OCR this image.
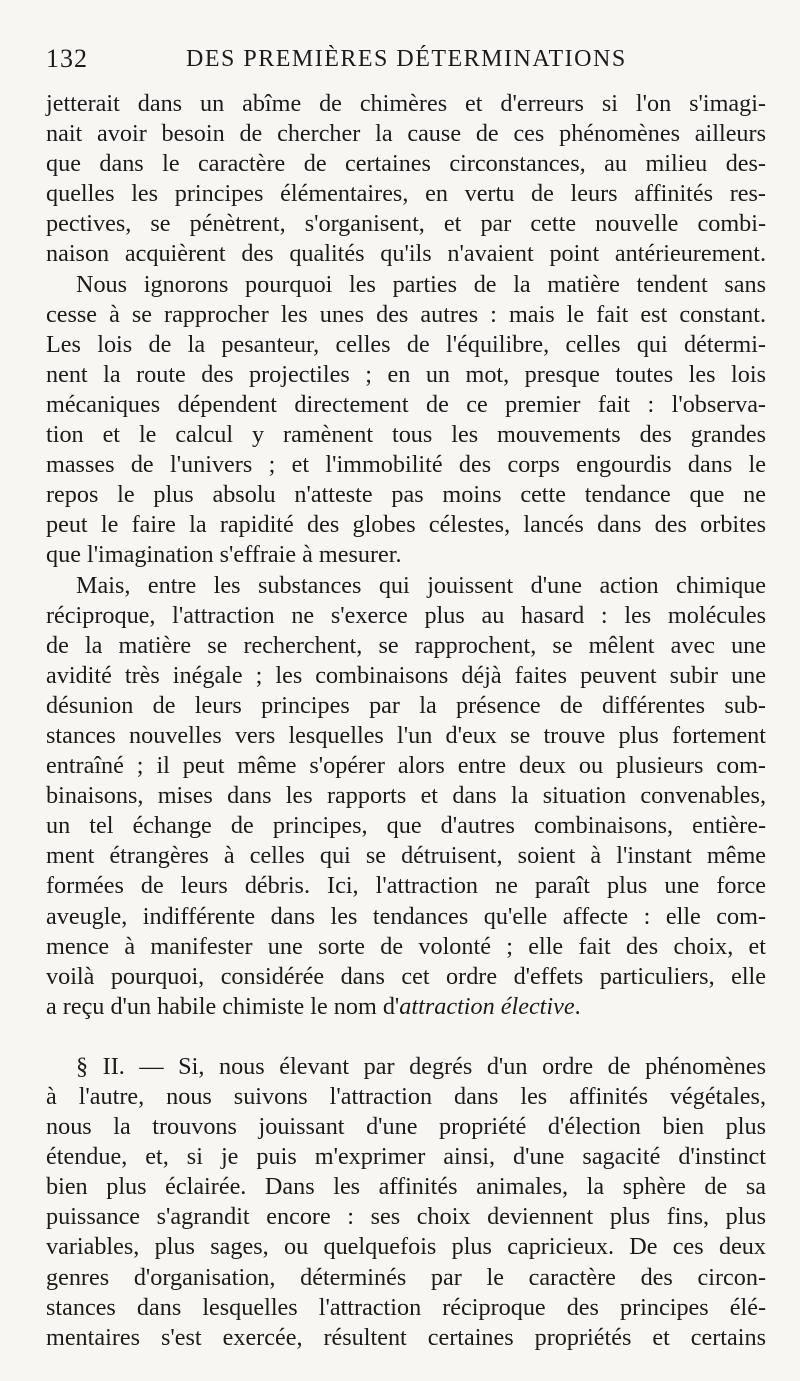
132	DES PREMIÈRES DÉTERMINATIONS
jetterait dans un abîme de chimères et d'erreurs si l'on s'imagi-
nait avoir besoin de chercher la cause de ces phénomènes ailleurs
que dans le caractère de certaines circonstances, au milieu des-
quelles les principes élémentaires, en vertu de leurs affinités res-
pectives, se pénètrent, s'organisent, et par cette nouvelle combi-
naison acquièrent des qualités qu'ils n'avaient point antérieurement.
Nous ignorons pourquoi les parties de la matière tendent sans
cesse à se rapprocher les unes des autres : mais le fait est constant.
Les lois de la pesanteur, celles de l'équilibre, celles qui détermi-
nent la route des projectiles ; en un mot, presque toutes les lois
mécaniques dépendent directement de ce premier fait : l'observa-
tion et le calcul y ramènent tous les mouvements des grandes
masses de l'univers ; et l'immobilité des corps engourdis dans le
repos le plus absolu n'atteste pas moins cette tendance que ne
peut le faire la rapidité des globes célestes, lancés dans des orbites
que l'imagination s'effraie à mesurer.
Mais, entre les substances qui jouissent d'une action chimique
réciproque, l'attraction ne s'exerce plus au hasard : les molécules
de la matière se recherchent, se rapprochent, se mêlent avec une
avidité très inégale ; les combinaisons déjà faites peuvent subir une
désunion de leurs principes par la présence de différentes sub-
stances nouvelles vers lesquelles l'un d'eux se trouve plus fortement
entraîné ; il peut même s'opérer alors entre deux ou plusieurs com-
binaisons, mises dans les rapports et dans la situation convenables,
un tel échange de principes, que d'autres combinaisons, entière-
ment étrangères à celles qui se détruisent, soient à l'instant même
formées de leurs débris. Ici, l'attraction ne paraît plus une force
aveugle, indifférente dans les tendances qu'elle affecte : elle com-
mence à manifester une sorte de volonté ; elle fait des choix, et
voilà pourquoi, considérée dans cet ordre d'effets particuliers, elle
a reçu d'un habile chimiste le nom d'attraction élective.
§ II. — Si, nous élevant par degrés d'un ordre de phénomènes
à l'autre, nous suivons l'attraction dans les affinités végétales,
nous la trouvons jouissant d'une propriété d'élection bien plus
étendue, et, si je puis m'exprimer ainsi, d'une sagacité d'instinct
bien plus éclairée. Dans les affinités animales, la sphère de sa
puissance s'agrandit encore : ses choix deviennent plus fins, plus
variables, plus sages, ou quelquefois plus capricieux. De ces deux
genres d'organisation, déterminés par le caractère des circon-
stances dans lesquelles l'attraction réciproque des principes élé-
mentaires s'est exercée, résultent certaines propriétés et certains
